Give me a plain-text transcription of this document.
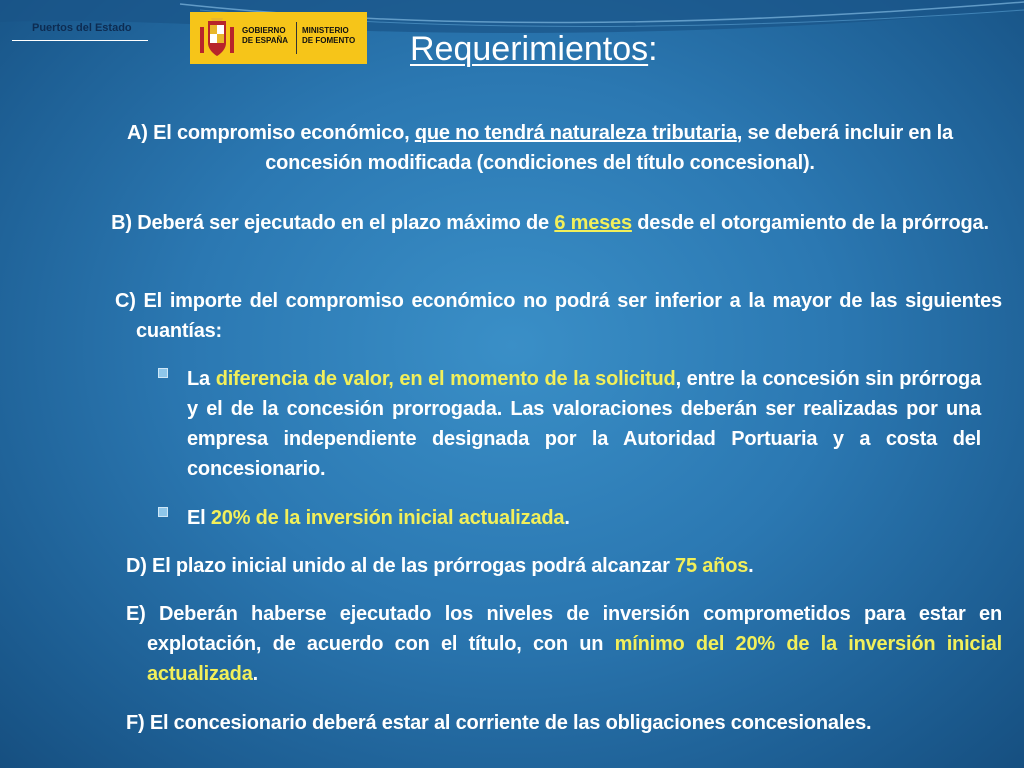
Puertos del Estado	GOBIERNO
DE ESPAÑA
MINISTERIO
DE FOMENTO Requerimientos:
A) El compromiso económico, que no tendrá naturaleza tributaria, se deberá incluir en la concesión modificada (condiciones del título concesional).
B) Deberá ser ejecutado en el plazo máximo de 6 meses desde el otorgamiento de la prórroga.
C) El importe del compromiso económico no podrá ser inferior a la mayor de las siguientes cuantías:
La diferencia de valor, en el momento de la solicitud, entre la concesión sin prórroga y el de la concesión prorrogada. Las valoraciones deberán ser realizadas por una empresa independiente designada por la Autoridad Portuaria y a costa del concesionario.
El 20% de la inversión inicial actualizada.
D) El plazo inicial unido al de las prórrogas podrá alcanzar 75 años.
E) Deberán haberse ejecutado los niveles de inversión comprometidos para estar en explotación, de acuerdo con el título, con un mínimo del 20% de la inversión inicial actualizada.
F) El concesionario deberá estar al corriente de las obligaciones concesionales.
